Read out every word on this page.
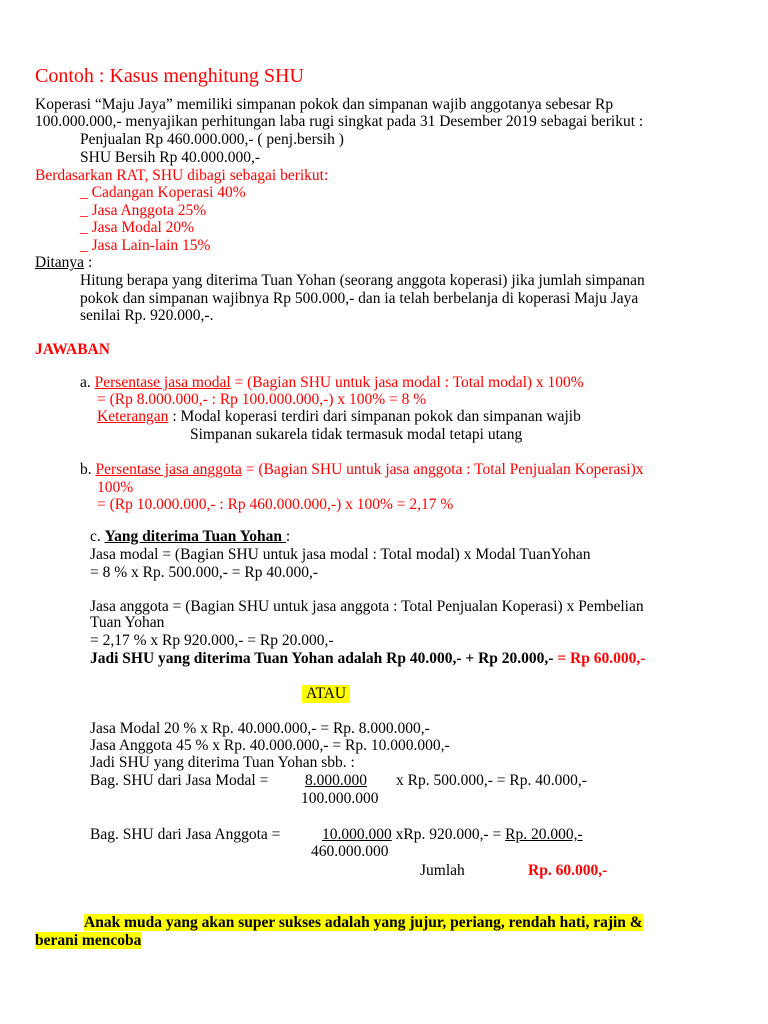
Contoh : Kasus menghitung SHU
Koperasi “Maju Jaya” memiliki simpanan pokok dan simpanan wajib anggotanya sebesar Rp
100.000.000,- menyajikan perhitungan laba rugi singkat pada 31 Desember 2019 sebagai berikut :
Penjualan Rp 460.000.000,- ( penj.bersih )
SHU Bersih Rp 40.000.000,-
Berdasarkan RAT, SHU dibagi sebagai berikut:
_ Cadangan Koperasi 40%
_ Jasa Anggota 25%
_ Jasa Modal 20%
_ Jasa Lain-lain 15%
Ditanya :
Hitung berapa yang diterima Tuan Yohan (seorang anggota koperasi) jika jumlah simpanan
pokok dan simpanan wajibnya Rp 500.000,- dan ia telah berbelanja di koperasi Maju Jaya
senilai Rp. 920.000,-.
JAWABAN
a. Persentase jasa modal = (Bagian SHU untuk jasa modal : Total modal) x 100%
= (Rp 8.000.000,- : Rp 100.000.000,-) x 100% = 8 %
Keterangan : Modal koperasi terdiri dari simpanan pokok dan simpanan wajib
Simpanan sukarela tidak termasuk modal tetapi utang
b. Persentase jasa anggota = (Bagian SHU untuk jasa anggota : Total Penjualan Koperasi)x
100%
= (Rp 10.000.000,- : Rp 460.000.000,-) x 100% = 2,17 %
c. Yang diterima Tuan Yohan :
Jasa modal = (Bagian SHU untuk jasa modal : Total modal) x Modal TuanYohan
= 8 % x Rp. 500.000,- = Rp 40.000,-
Jasa anggota = (Bagian SHU untuk jasa anggota : Total Penjualan Koperasi) x Pembelian
Tuan Yohan
= 2,17 % x Rp 920.000,- = Rp 20.000,-
Jadi SHU yang diterima Tuan Yohan adalah Rp 40.000,- + Rp 20.000,- = Rp 60.000,-
ATAU
Jasa Modal 20 % x Rp. 40.000.000,- = Rp. 8.000.000,-
Jasa Anggota 45 % x Rp. 40.000.000,- = Rp. 10.000.000,-
Jadi SHU yang diterima Tuan Yohan sbb. :
Bag. SHU dari Jasa Modal = 8.000.000 x Rp. 500.000,- = Rp. 40.000,-
100.000.000
Bag. SHU dari Jasa Anggota =	10.000.000 xRp. 920.000,- = Rp. 20.000,-
460.000.000
Jumlah	Rp. 60.000,-
Anak muda yang akan super sukses adalah yang jujur, periang, rendah hati, rajin &
berani mencoba
